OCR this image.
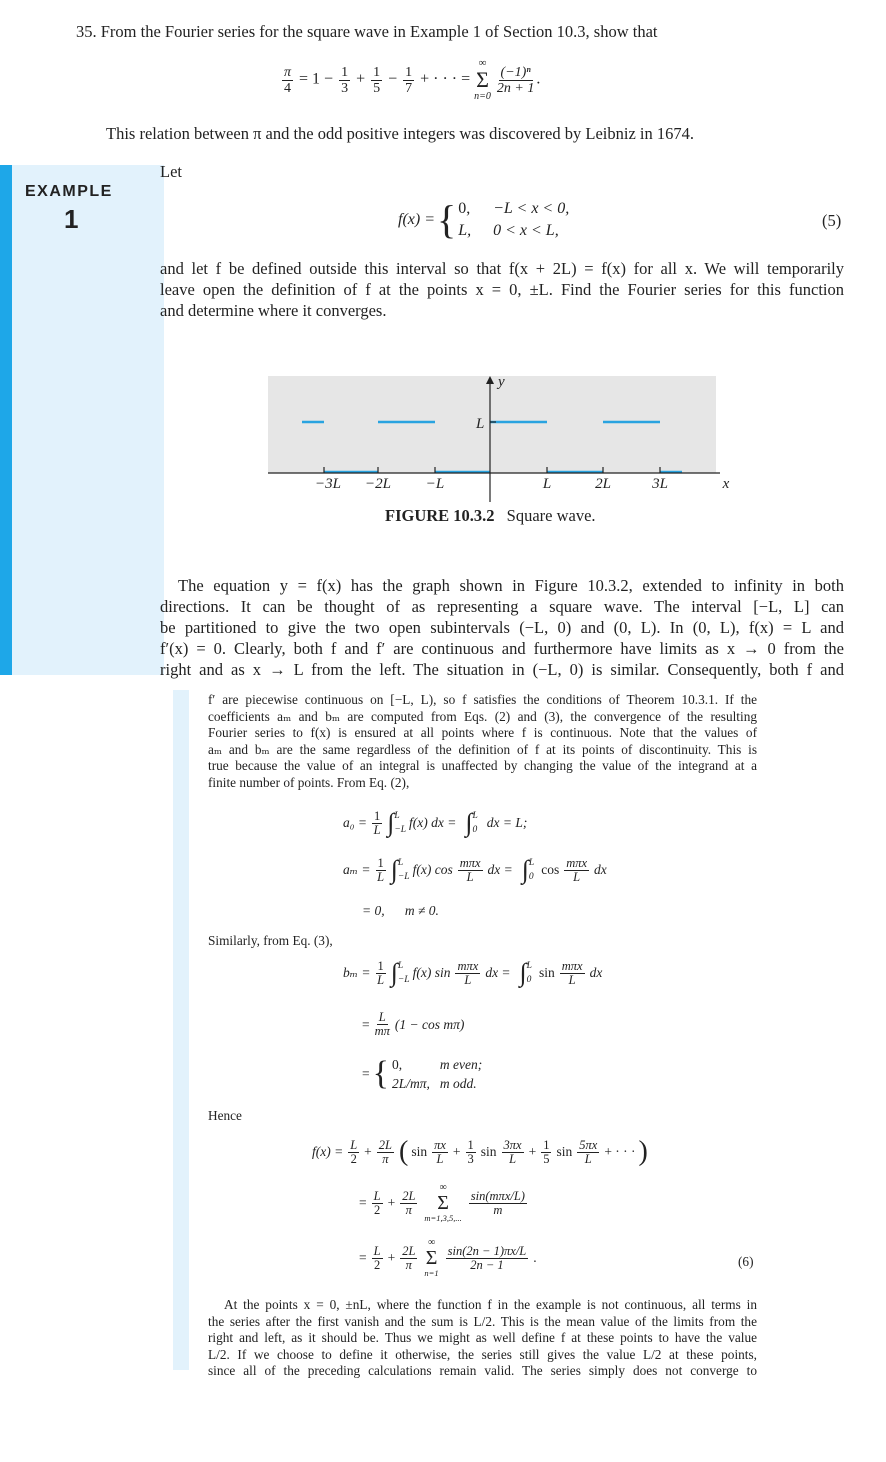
35. From the Fourier series for the square wave in Example 1 of Section 10.3, show that
$\frac{\pi}{4} = 1 - \frac{1}{3} + \frac{1}{5} - \frac{1}{7}$ + · · · =
∞
Σ
n=0

$\frac{\text{(−1)ⁿ}}{2n + 1}$ .
This relation between π and the odd positive integers was discovered by Leibniz in 1674.
EXAMPLE
1
Let
f(x) = { 0, −L < x < 0,
L, 0 < x < L,
(5)
and let f be defined outside this interval so that f(x + 2L) = f(x) for all x. We will temporarily
leave open the definition of f at the points x = 0, ±L. Find the Fourier series for this function
and determine where it converges.
y
L
−3L −2L −L	L	2L	3L	x
FIGURE 10.3.2 Square wave.
The equation y = f(x) has the graph shown in Figure 10.3.2, extended to infinity in both
directions. It can be thought of as representing a square wave. The interval [−L, L] can
be partitioned to give the two open subintervals (−L, 0) and (0, L). In (0, L), f(x) = L and
f′(x) = 0. Clearly, both f and f′ are continuous and furthermore have limits as x → 0 from the
right and as x → L from the left. The situation in (−L, 0) is similar. Consequently, both f and
f′ are piecewise continuous on [−L, L), so f satisfies the conditions of Theorem 10.3.1. If the
coefficients aₘ and bₘ are computed from Eqs. (2) and (3), the convergence of the resulting
Fourier series to f(x) is ensured at all points where f is continuous. Note that the values of
aₘ and bₘ are the same regardless of the definition of f at its points of discontinuity. This is
true because the value of an integral is unaffected by changing the value of the integrand at a
finite number of points. From Eq. (2),
$a_0 = \frac{1}{L}$ ∫ L
−L f(x) dx = ∫ L
0 dx = L;
$a_m = \frac{1}{L}$ ∫ L
−L f(x) cos mπx
L dx = ∫ L
0 cos mπx
L dx
= 0,      m ≠ 0.
Similarly, from Eq. (3),
$b_m = \frac{1}{L}$ ∫ L
−L f(x) sin mπx
L dx = ∫ L
0 sin mπx
L dx
= $\frac{L}{m\pi} (1 - \cos m\pi)$
= { 0,	m even;
2L/mπ, m odd.
Hence
$f(x) = \frac{L}{2} + \frac{2L}{\pi}$ ( sin πx
$L + \frac{1}{3}$ sin 3πx
$L + \frac{1}{5}$ sin 5πx
L + · · · )
= $\frac{L}{2} + \frac{2L}{\pi}$
∞
Σ
m=1,3,5,...
sin(mπx/L)
m
= $\frac{L}{2} + \frac{2L}{\pi}$
∞
Σ
n=1
sin(2n − 1)πx/L
2n − 1 .	(6)
At the points x = 0, ±nL, where the function f in the example is not continuous, all terms in
the series after the first vanish and the sum is L/2. This is the mean value of the limits from the
right and left, as it should be. Thus we might as well define f at these points to have the value
L/2. If we choose to define it otherwise, the series still gives the value L/2 at these points,
since all of the preceding calculations remain valid. The series simply does not converge to
